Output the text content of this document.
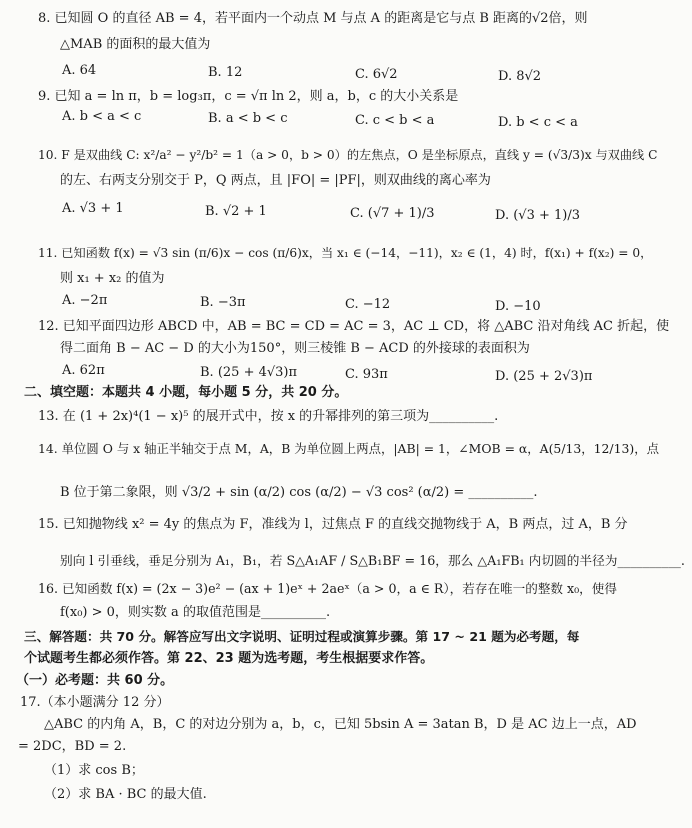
8. 已知圆 O 的直径 AB = 4，若平面内一个动点 M 与点 A 的距离是它与点 B 距离的√2倍，则
△MAB 的面积的最大值为
A. 64	B. 12	C. 6√2	D. 8√2
9. 已知 a = ln π，b = log₃π，c = √π ln 2，则 a，b，c 的大小关系是
A. b < a < c	B. a < b < c	C. c < b < a	D. b < c < a
10. F 是双曲线 C: x²/a² − y²/b² = 1（a > 0，b > 0）的左焦点，O 是坐标原点，直线 y = (√3/3)x 与双曲线 C
的左、右两支分别交于 P，Q 两点，且 |FO| = |PF|，则双曲线的离心率为
A. √3 + 1	B. √2 + 1	C. (√7 + 1)/3	D. (√3 + 1)/3
11. 已知函数 f(x) = √3 sin (π/6)x − cos (π/6)x，当 x₁ ∈ (−14，−11)，x₂ ∈ (1，4) 时，f(x₁) + f(x₂) = 0，
则 x₁ + x₂ 的值为
A. −2π	B. −3π	C. −12	D. −10
12. 已知平面四边形 ABCD 中，AB = BC = CD = AC = 3，AC ⊥ CD，将 △ABC 沿对角线 AC 折起，使
得二面角 B − AC − D 的大小为150°，则三棱锥 B − ACD 的外接球的表面积为
A. 62π	B. (25 + 4√3)π	C. 93π	D. (25 + 2√3)π
二、填空题：本题共 4 小题，每小题 5 分，共 20 分。
13. 在 (1 + 2x)⁴(1 − x)⁵ 的展开式中，按 x 的升幂排列的第三项为__________.
14. 单位圆 O 与 x 轴正半轴交于点 M，A，B 为单位圆上两点，|AB| = 1，∠MOB = α，A(5/13，12/13)，点
B 位于第二象限，则 √3/2 + sin (α/2) cos (α/2) − √3 cos² (α/2) = __________.
15. 已知抛物线 x² = 4y 的焦点为 F，准线为 l，过焦点 F 的直线交抛物线于 A，B 两点，过 A，B 分
别向 l 引垂线，垂足分别为 A₁，B₁，若 S△A₁AF / S△B₁BF = 16，那么 △A₁FB₁ 内切圆的半径为__________.
16. 已知函数 f(x) = (2x − 3)e² − (ax + 1)eˣ + 2aeˣ（a > 0，a ∈ R），若存在唯一的整数 x₀，使得
f(x₀) > 0，则实数 a 的取值范围是__________.
三、解答题：共 70 分。解答应写出文字说明、证明过程或演算步骤。第 17 ~ 21 题为必考题，每
个试题考生都必须作答。第 22、23 题为选考题，考生根据要求作答。
（一）必考题：共 60 分。
17.（本小题满分 12 分）
△ABC 的内角 A，B，C 的对边分别为 a，b，c，已知 5bsin A = 3atan B，D 是 AC 边上一点，AD
= 2DC，BD = 2.
（1）求 cos B；
（2）求 BA · BC 的最大值.
